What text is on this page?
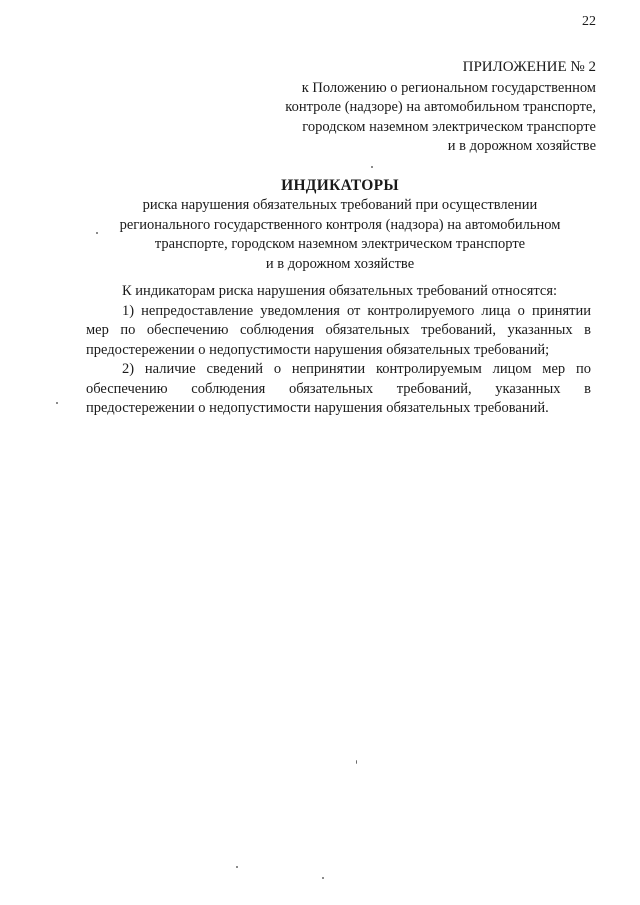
22
ПРИЛОЖЕНИЕ № 2
к Положению о региональном государственном
контроле (надзоре) на автомобильном транспорте,
городском наземном электрическом транспорте
и в дорожном хозяйстве
ИНДИКАТОРЫ
риска нарушения обязательных требований при осуществлении
регионального государственного контроля (надзора) на автомобильном
транспорте, городском наземном электрическом транспорте
и в дорожном хозяйстве

К индикаторам риска нарушения обязательных требований относятся:

1) непредоставление уведомления от контролируемого лица о принятии мер по обеспечению соблюдения обязательных требований, указанных в предостережении о недопустимости нарушения обязательных требований;

2) наличие сведений о непринятии контролируемым лицом мер по обеспечению соблюдения обязательных требований, указанных в предостережении о недопустимости нарушения обязательных требований.
